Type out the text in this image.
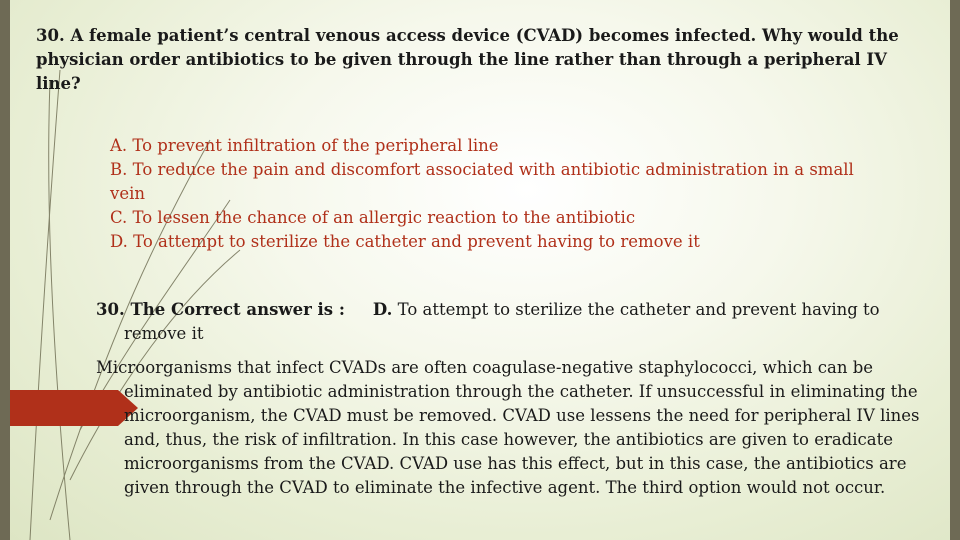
30. A female patient’s central venous access device (CVAD) becomes infected. Why would the physician order antibiotics to be given through the line rather than through a peripheral IV line?
A. To prevent infiltration of the peripheral line
B. To reduce the pain and discomfort associated with antibiotic administration in a small vein
C. To lessen the chance of an allergic reaction to the antibiotic
D. To attempt to sterilize the catheter and prevent having to remove it
30. The Correct answer is : D. To attempt to sterilize the catheter and prevent having to
remove it
Microorganisms that infect CVADs are often coagulase-negative staphylococci, which can be eliminated by antibiotic administration through the catheter. If unsuccessful in eliminating the microorganism, the CVAD must be removed. CVAD use lessens the need for peripheral IV lines and, thus, the risk of infiltration. In this case however, the antibiotics are given to eradicate microorganisms from the CVAD. CVAD use has this effect, but in this case, the antibiotics are given through the CVAD to eliminate the infective agent. The third option would not occur.
